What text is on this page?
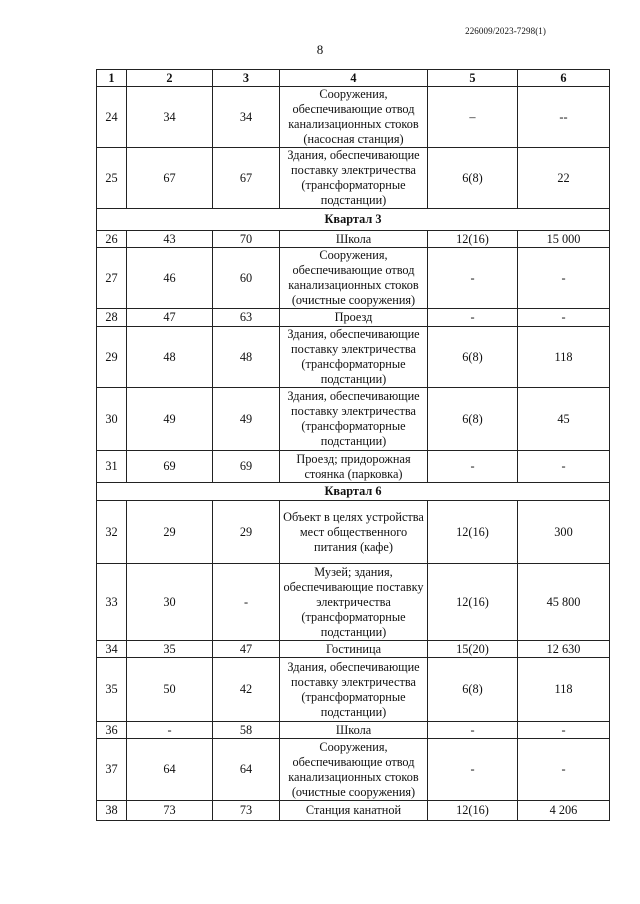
226009/2023-7298(1)
8
1	2	3	4	5	6
24	34	34	Сооружения, обеспечивающие отвод канализационных стоков (насосная станция)	–	--
25	67	67	Здания, обеспечивающие поставку электричества (трансформаторные подстанции)	6(8)	22
Квартал 3					
26	43	70	Школа	12(16)	15 000
27	46	60	Сооружения, обеспечивающие отвод канализационных стоков (очистные сооружения)	-	-
28	47	63	Проезд	-	-
29	48	48	Здания, обеспечивающие поставку электричества (трансформаторные подстанции)	6(8)	118
30	49	49	Здания, обеспечивающие поставку электричества (трансформаторные подстанции)	6(8)	45
31	69	69	Проезд; придорожная стоянка (парковка)	-	-
Квартал 6					
32	29	29	Объект в целях устройства мест общественного питания (кафе)	12(16)	300
33	30	-	Музей; здания, обеспечивающие поставку электричества (трансформаторные подстанции)	12(16)	45 800
34	35	47	Гостиница	15(20)	12 630
35	50	42	Здания, обеспечивающие поставку электричества (трансформаторные подстанции)	6(8)	118
36	-	58	Школа	-	-
37	64	64	Сооружения, обеспечивающие отвод канализационных стоков (очистные сооружения)	-	-
38	73	73	Станция канатной	12(16)	4 206
